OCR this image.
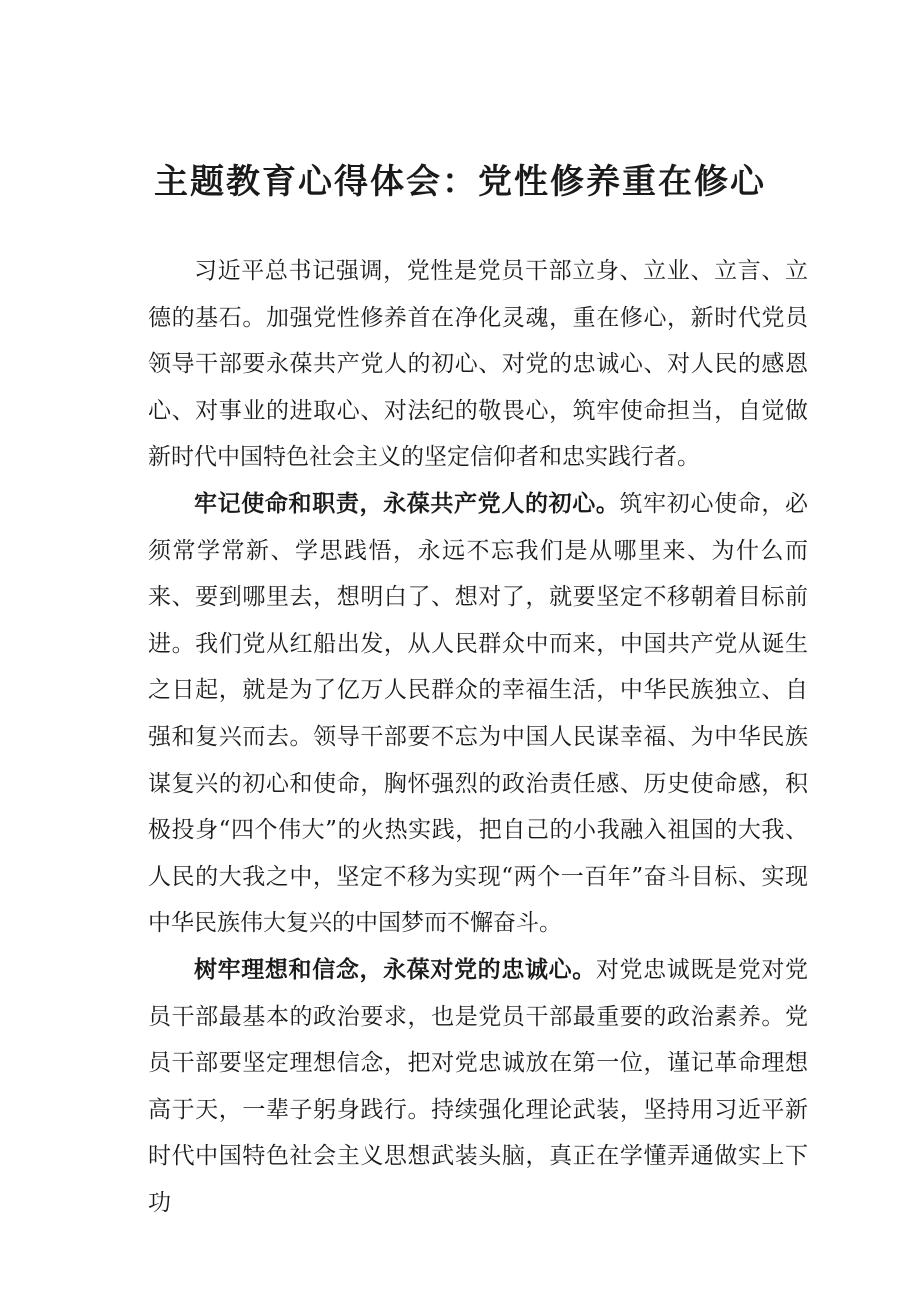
主题教育心得体会：党性修养重在修心

习近平总书记强调，党性是党员干部立身、立业、立言、立德的基石。加强党性修养首在净化灵魂，重在修心，新时代党员领导干部要永葆共产党人的初心、对党的忠诚心、对人民的感恩心、对事业的进取心、对法纪的敬畏心，筑牢使命担当，自觉做新时代中国特色社会主义的坚定信仰者和忠实践行者。

牢记使命和职责，永葆共产党人的初心。筑牢初心使命，必须常学常新、学思践悟，永远不忘我们是从哪里来、为什么而来、要到哪里去，想明白了、想对了，就要坚定不移朝着目标前进。我们党从红船出发，从人民群众中而来，中国共产党从诞生之日起，就是为了亿万人民群众的幸福生活，中华民族独立、自强和复兴而去。领导干部要不忘为中国人民谋幸福、为中华民族谋复兴的初心和使命，胸怀强烈的政治责任感、历史使命感，积极投身“四个伟大”的火热实践，把自己的小我融入祖国的大我、人民的大我之中，坚定不移为实现“两个一百年”奋斗目标、实现中华民族伟大复兴的中国梦而不懈奋斗。

树牢理想和信念，永葆对党的忠诚心。对党忠诚既是党对党员干部最基本的政治要求，也是党员干部最重要的政治素养。党员干部要坚定理想信念，把对党忠诚放在第一位，谨记革命理想高于天，一辈子躬身践行。持续强化理论武装，坚持用习近平新时代中国特色社会主义思想武装头脑，真正在学懂弄通做实上下功
